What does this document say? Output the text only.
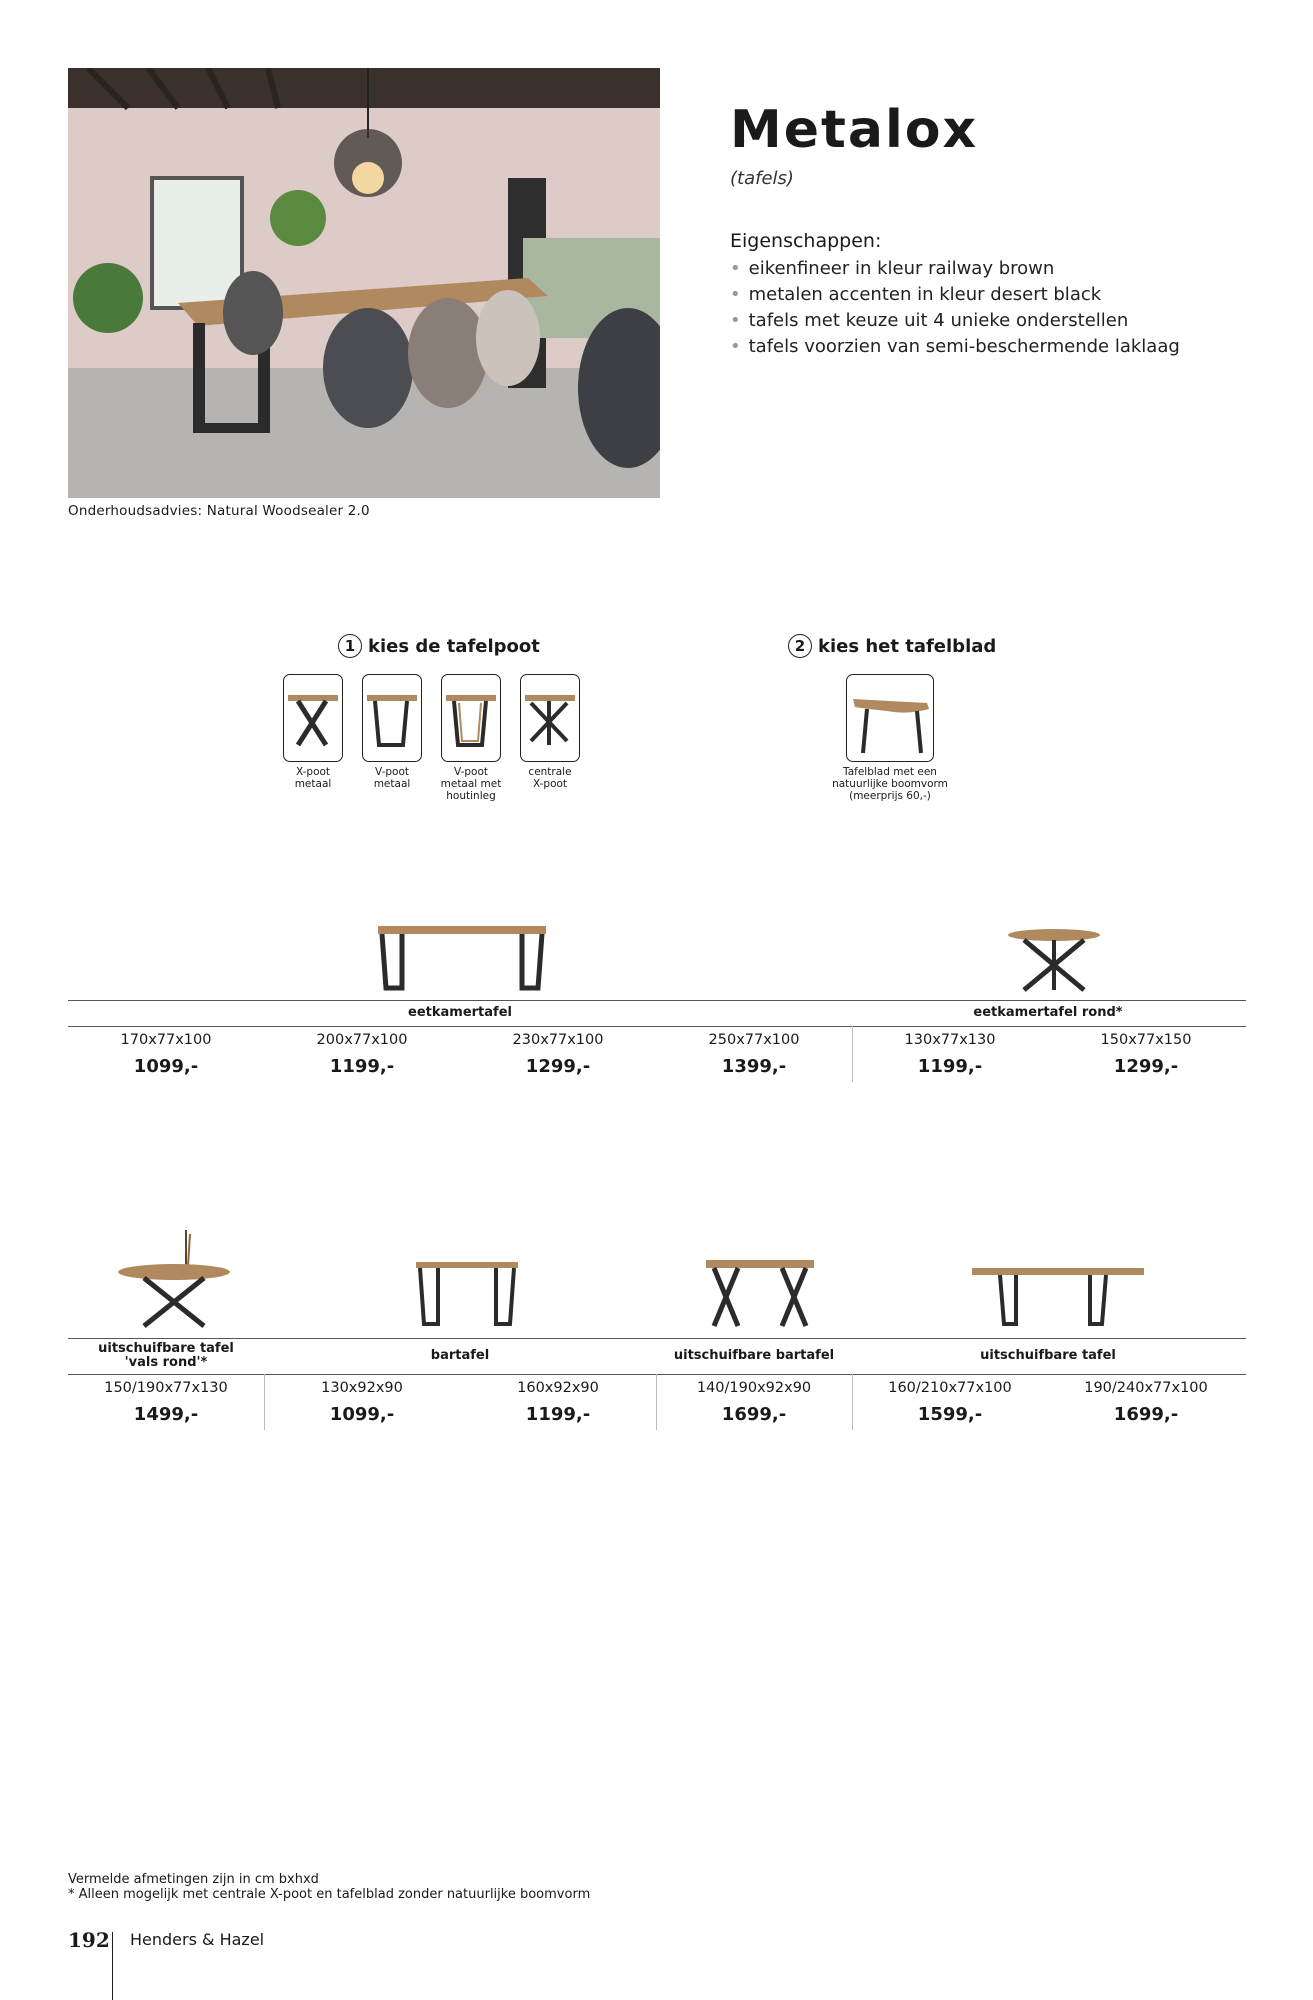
Onderhoudsadvies: Natural Woodsealer 2.0
Metalox
(tafels)
Eigenschappen:
• eikenfineer in kleur railway brown
• metalen accenten in kleur desert black
• tafels met keuze uit 4 unieke onderstellen
• tafels voorzien van semi-beschermende laklaag
1 kies de tafelpoot
X-poot
metaal
V-poot
metaal
V-poot
metaal met
houtinleg
centrale
X-poot
2 kies het tafelblad
Tafelblad met een
natuurlijke boomvorm
(meerprijs 60,-)
eetkamertafel	eetkamertafel rond*
170x77x100	200x77x100	230x77x100	250x77x100	130x77x130	150x77x150
1099,-	1199,-	1299,-	1399,-	1199,-	1299,-
uitschuifbare tafel
'vals rond'*	bartafel	uitschuifbare bartafel	uitschuifbare tafel
150/190x77x130	130x92x90	160x92x90	140/190x92x90	160/210x77x100	190/240x77x100
1499,-	1099,-	1199,-	1699,-	1599,-	1699,-
Vermelde afmetingen zijn in cm bxhxd
* Alleen mogelijk met centrale X-poot en tafelblad zonder natuurlijke boomvorm
192 Henders & Hazel
